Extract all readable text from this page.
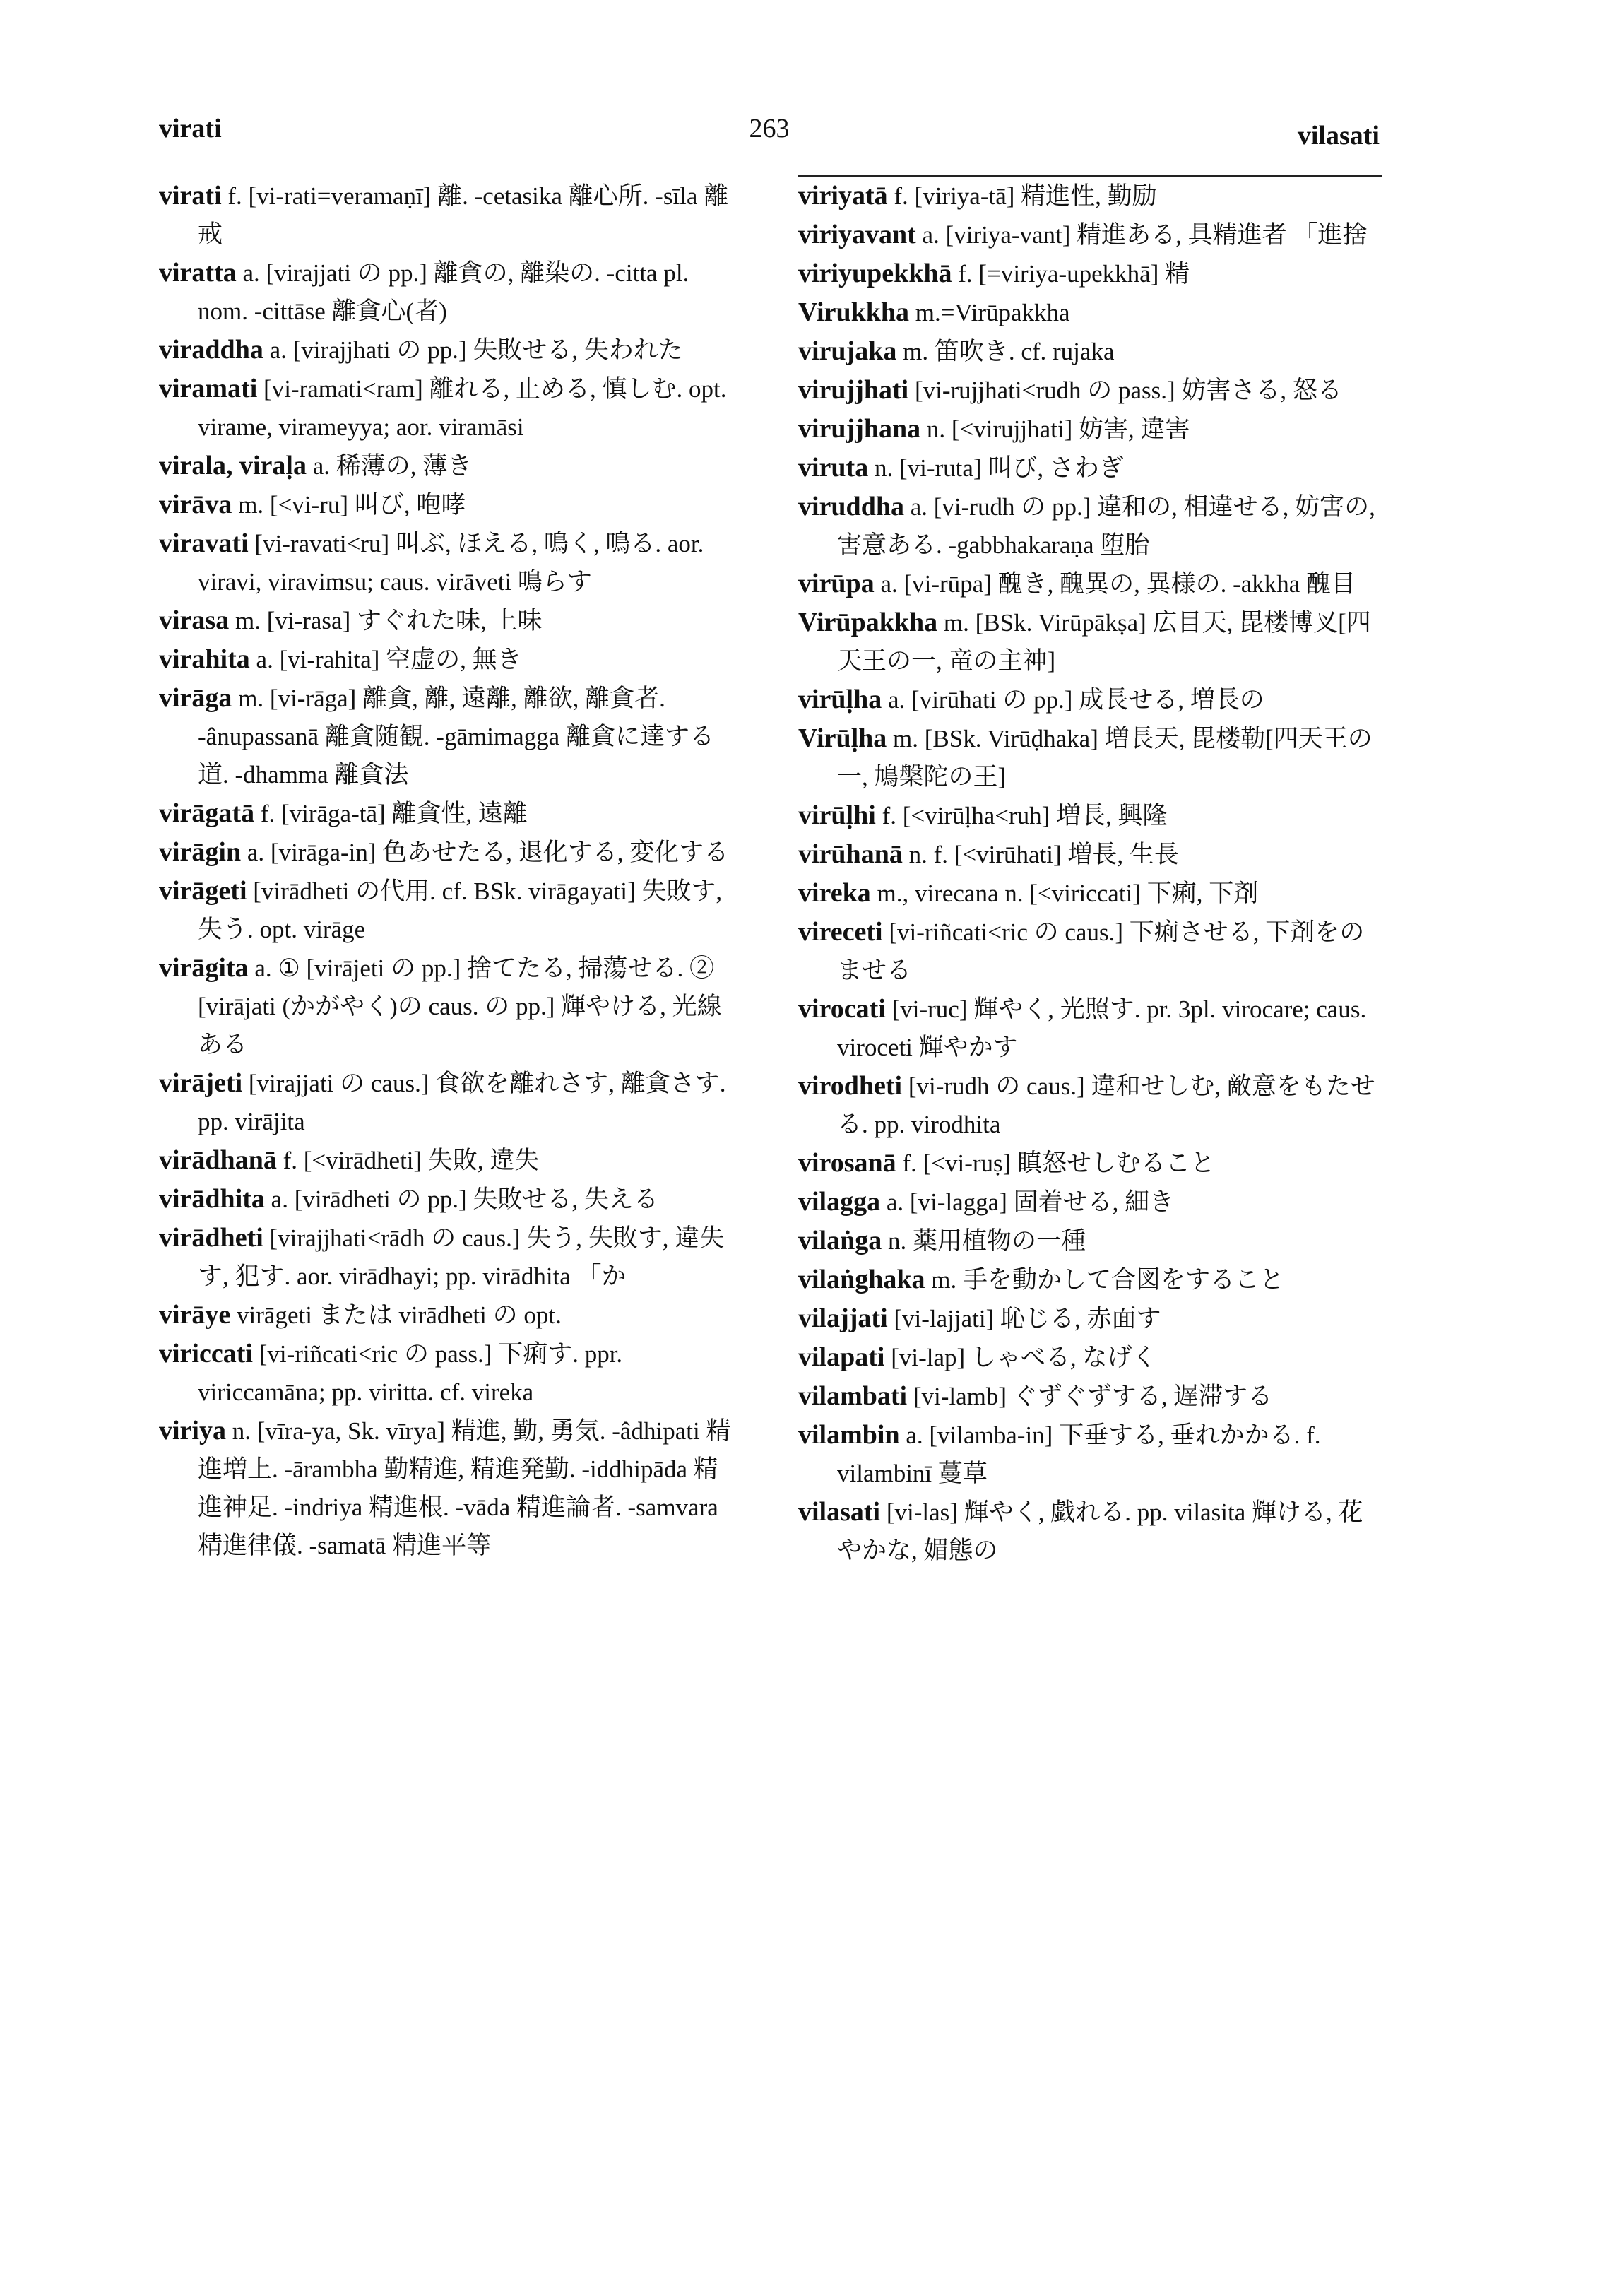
virati	263	vilasati

virati f. [vi-rati=veramaṇī] 離. -cetasika 離心所. -sīla 離戒

viratta a. [virajjati の pp.] 離貪の, 離染の. -citta pl. nom. -cittāse 離貪心(者)

viraddha a. [virajjhati の pp.] 失敗せる, 失われた

viramati [vi-ramati<ram] 離れる, 止める, 慎しむ. opt. virame, virameyya; aor. viramāsi

virala, viraḷa a. 稀薄の, 薄き

virāva m. [<vi-ru] 叫び, 咆哮

viravati [vi-ravati<ru] 叫ぶ, ほえる, 鳴く, 鳴る. aor. viravi, viravimsu; caus. virāveti 鳴らす

virasa m. [vi-rasa] すぐれた味, 上味

virahita a. [vi-rahita] 空虚の, 無き

virāga m. [vi-rāga] 離貪, 離, 遠離, 離欲, 離貪者. -ânupassanā 離貪随観. -gāmimagga 離貪に達する道. -dhamma 離貪法

virāgatā f. [virāga-tā] 離貪性, 遠離

virāgin a. [virāga-in] 色あせたる, 退化する, 変化する

virāgeti [virādheti の代用. cf. BSk. virāgayati] 失敗す, 失う. opt. virāge

virāgita a. ① [virājeti の pp.] 捨てたる, 掃蕩せる. ② [virājati (かがやく)の caus. の pp.] 輝やける, 光線ある

virājeti [virajjati の caus.] 食欲を離れさす, 離貪さす. pp. virājita

virādhanā f. [<virādheti] 失敗, 違失

virādhita a. [virādheti の pp.] 失敗せる, 失える

virādheti [virajjhati<rādh の caus.] 失う, 失敗す, 違失す, 犯す. aor. virādhayi; pp. virādhita 「か

virāye virāgeti または virādheti の opt.

viriccati [vi-riñcati<ric の pass.] 下痢す. ppr. viriccamāna; pp. viritta. cf. vireka

viriya n. [vīra-ya, Sk. vīrya] 精進, 勤, 勇気. -âdhipati 精進増上. -ārambha 勤精進, 精進発勤. -iddhipāda 精進神足. -indriya 精進根. -vāda 精進論者. -samvara 精進律儀. -samatā 精進平等

viriyatā f. [viriya-tā] 精進性, 勤励

viriyavant a. [viriya-vant] 精進ある, 具精進者 「進捨

viriyupekkhā f. [=viriya-upekkhā] 精

Virukkha m.=Virūpakkha

virujaka m. 笛吹き. cf. rujaka

virujjhati [vi-rujjhati<rudh の pass.] 妨害さる, 怒る

virujjhana n. [<virujjhati] 妨害, 違害

viruta n. [vi-ruta] 叫び, さわぎ

viruddha a. [vi-rudh の pp.] 違和の, 相違せる, 妨害の, 害意ある. -gabbhakaraṇa 堕胎

virūpa a. [vi-rūpa] 醜き, 醜異の, 異様の. -akkha 醜目

Virūpakkha m. [BSk. Virūpākṣa] 広目天, 毘楼博叉[四天王の一, 竜の主神]

virūḷha a. [virūhati の pp.] 成長せる, 増長の

Virūḷha m. [BSk. Virūḍhaka] 増長天, 毘楼勒[四天王の一, 鳩槃陀の王]

virūḷhi f. [<virūḷha<ruh] 増長, 興隆

virūhanā n. f. [<virūhati] 増長, 生長

vireka m., virecana n. [<viriccati] 下痢, 下剤

vireceti [vi-riñcati<ric の caus.] 下痢させる, 下剤をのませる

virocati [vi-ruc] 輝やく, 光照す. pr. 3pl. virocare; caus. viroceti 輝やかす

virodheti [vi-rudh の caus.] 違和せしむ, 敵意をもたせる. pp. virodhita

virosanā f. [<vi-ruṣ] 瞋怒せしむること

vilagga a. [vi-lagga] 固着せる, 細き

vilaṅga n. 薬用植物の一種

vilaṅghaka m. 手を動かして合図をすること

vilajjati [vi-lajjati] 恥じる, 赤面す

vilapati [vi-lap] しゃべる, なげく

vilambati [vi-lamb] ぐずぐずする, 遅滞する

vilambin a. [vilamba-in] 下垂する, 垂れかかる. f. vilambinī 蔓草

vilasati [vi-las] 輝やく, 戯れる. pp. vilasita 輝ける, 花やかな, 媚態の
